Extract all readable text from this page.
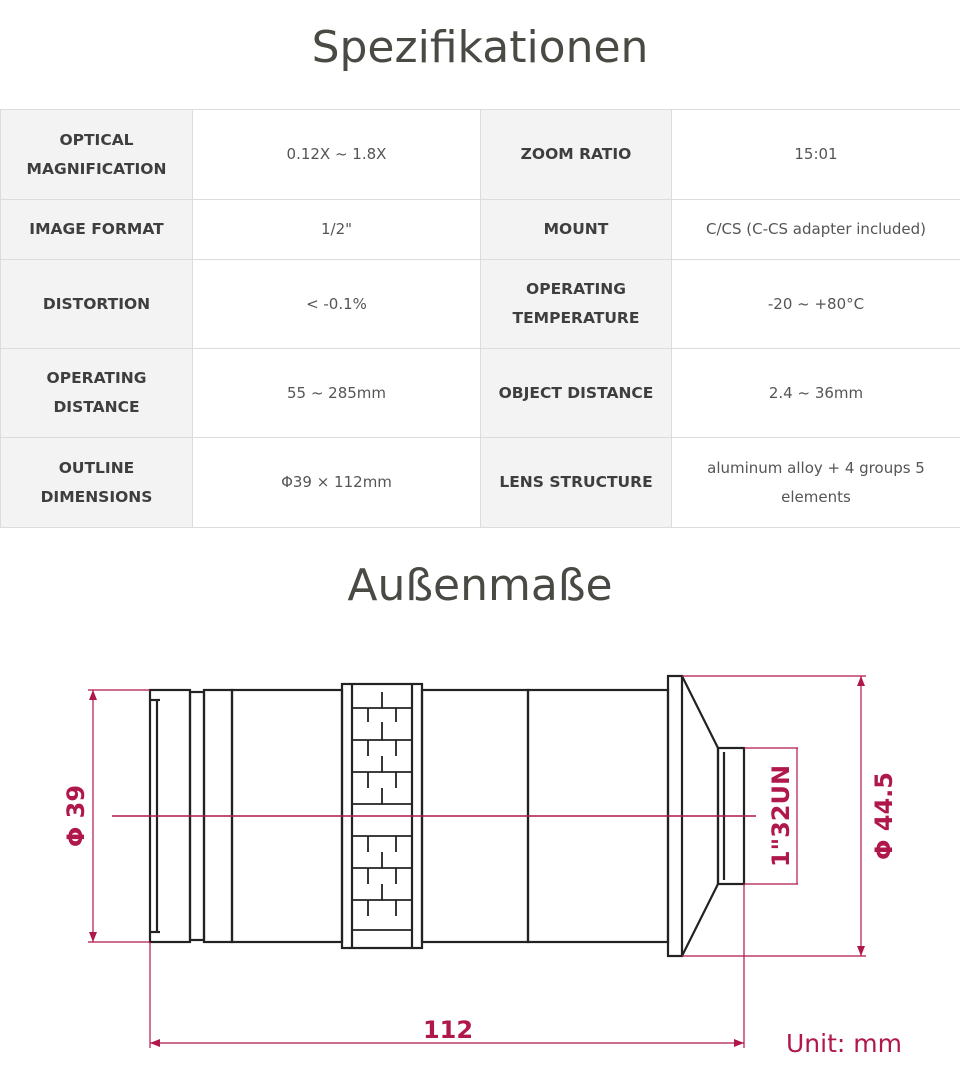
Spezifikationen
OPTICAL MAGNIFICATION	0.12X ~ 1.8X	ZOOM RATIO	15:01
IMAGE FORMAT	1/2"	MOUNT	C/CS (C-CS adapter included)
DISTORTION	< -0.1%	OPERATING TEMPERATURE	-20 ~ +80°C
OPERATING DISTANCE	55 ~ 285mm	OBJECT DISTANCE	2.4 ~ 36mm
OUTLINE DIMENSIONS	Φ39 × 112mm	LENS STRUCTURE	aluminum alloy + 4 groups 5 elements
Außenmaße
Φ 39	1"32UN	Φ 44.5
112	Unit: mm
